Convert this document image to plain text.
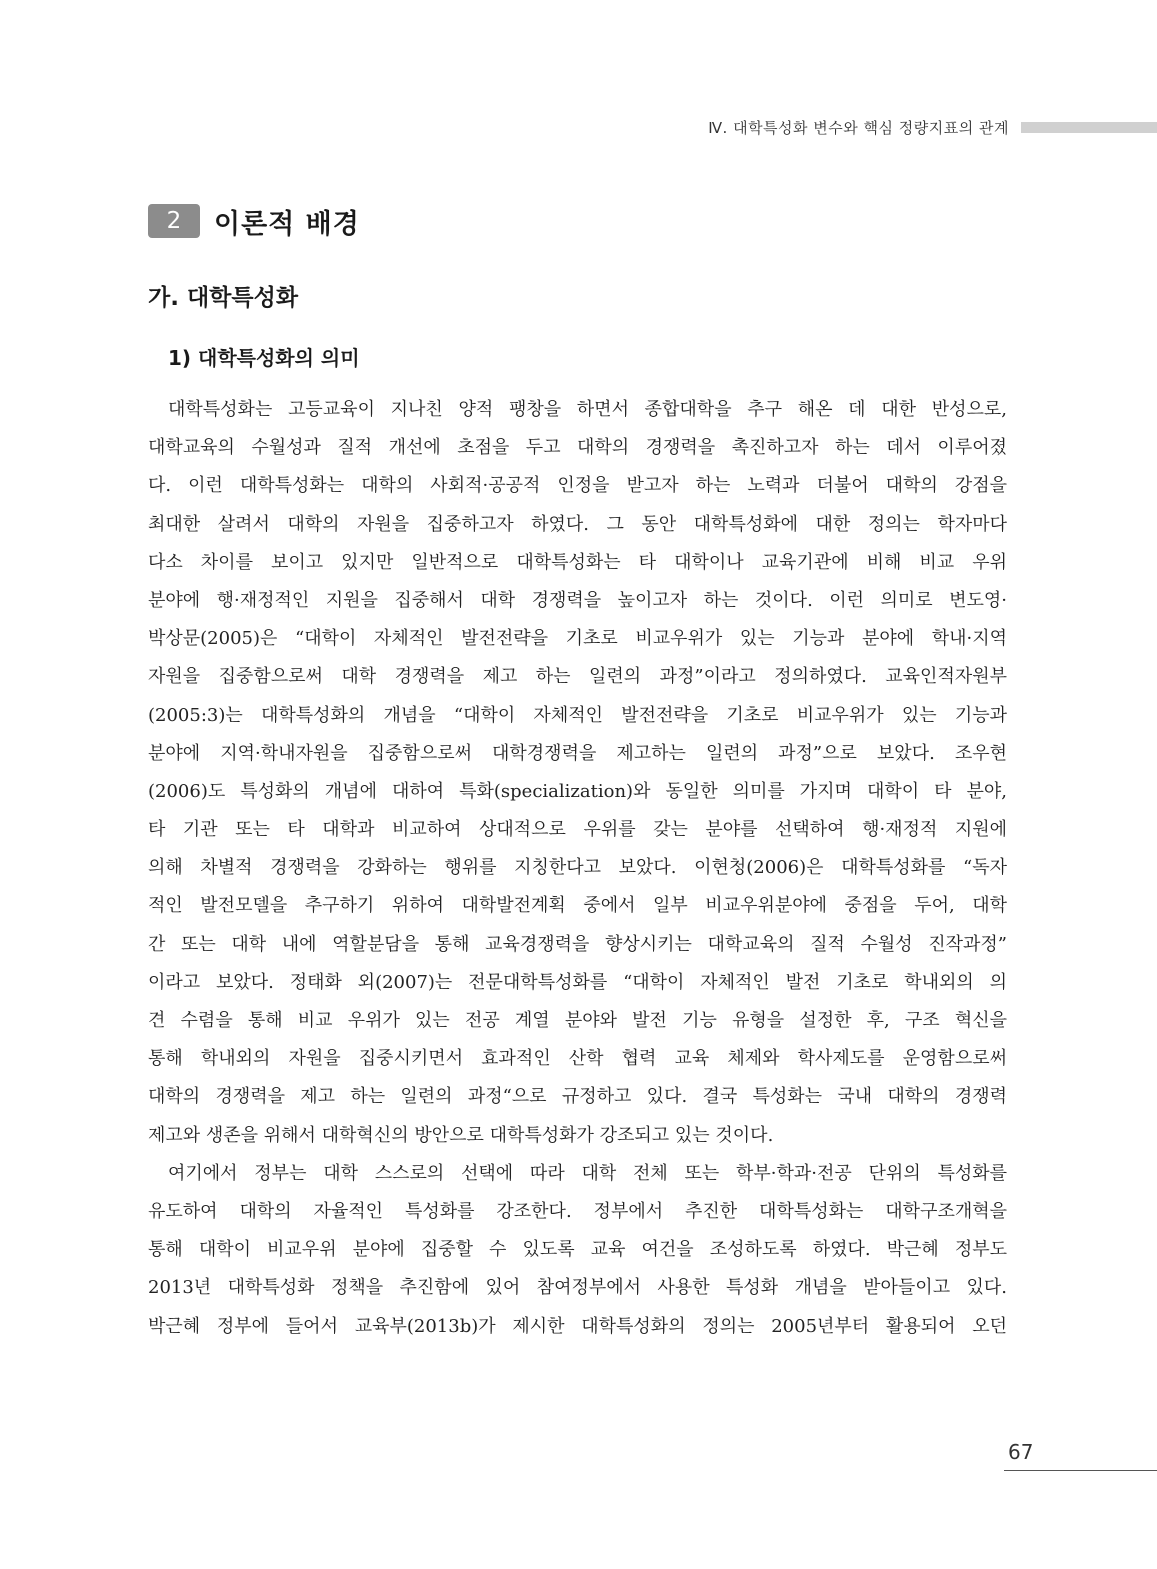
Ⅳ. 대학특성화 변수와 핵심 정량지표의 관계
2	이론적 배경
가. 대학특성화
1) 대학특성화의 의미
대학특성화는 고등교육이 지나친 양적 팽창을 하면서 종합대학을 추구 해온 데 대한 반성으로,
대학교육의 수월성과 질적 개선에 초점을 두고 대학의 경쟁력을 촉진하고자 하는 데서 이루어졌
다. 이런 대학특성화는 대학의 사회적·공공적 인정을 받고자 하는 노력과 더불어 대학의 강점을
최대한 살려서 대학의 자원을 집중하고자 하였다. 그 동안 대학특성화에 대한 정의는 학자마다
다소 차이를 보이고 있지만 일반적으로 대학특성화는 타 대학이나 교육기관에 비해 비교 우위
분야에 행·재정적인 지원을 집중해서 대학 경쟁력을 높이고자 하는 것이다. 이런 의미로 변도영·
박상문(2005)은 “대학이 자체적인 발전전략을 기초로 비교우위가 있는 기능과 분야에 학내·지역
자원을 집중함으로써 대학 경쟁력을 제고 하는 일련의 과정”이라고 정의하였다. 교육인적자원부
(2005:3)는 대학특성화의 개념을 “대학이 자체적인 발전전략을 기초로 비교우위가 있는 기능과
분야에 지역·학내자원을 집중함으로써 대학경쟁력을 제고하는 일련의 과정”으로 보았다. 조우현
(2006)도 특성화의 개념에 대하여 특화(specialization)와 동일한 의미를 가지며 대학이 타 분야,
타 기관 또는 타 대학과 비교하여 상대적으로 우위를 갖는 분야를 선택하여 행·재정적 지원에
의해 차별적 경쟁력을 강화하는 행위를 지칭한다고 보았다. 이현청(2006)은 대학특성화를 “독자
적인 발전모델을 추구하기 위하여 대학발전계획 중에서 일부 비교우위분야에 중점을 두어, 대학
간 또는 대학 내에 역할분담을 통해 교육경쟁력을 향상시키는 대학교육의 질적 수월성 진작과정”
이라고 보았다. 정태화 외(2007)는 전문대학특성화를 “대학이 자체적인 발전 기초로 학내외의 의
견 수렴을 통해 비교 우위가 있는 전공 계열 분야와 발전 기능 유형을 설정한 후, 구조 혁신을
통해 학내외의 자원을 집중시키면서 효과적인 산학 협력 교육 체제와 학사제도를 운영함으로써
대학의 경쟁력을 제고 하는 일련의 과정“으로 규정하고 있다. 결국 특성화는 국내 대학의 경쟁력
제고와 생존을 위해서 대학혁신의 방안으로 대학특성화가 강조되고 있는 것이다.
여기에서 정부는 대학 스스로의 선택에 따라 대학 전체 또는 학부·학과·전공 단위의 특성화를
유도하여 대학의 자율적인 특성화를 강조한다. 정부에서 추진한 대학특성화는 대학구조개혁을
통해 대학이 비교우위 분야에 집중할 수 있도록 교육 여건을 조성하도록 하였다. 박근혜 정부도
2013년 대학특성화 정책을 추진함에 있어 참여정부에서 사용한 특성화 개념을 받아들이고 있다.
박근혜 정부에 들어서 교육부(2013b)가 제시한 대학특성화의 정의는 2005년부터 활용되어 오던
67
